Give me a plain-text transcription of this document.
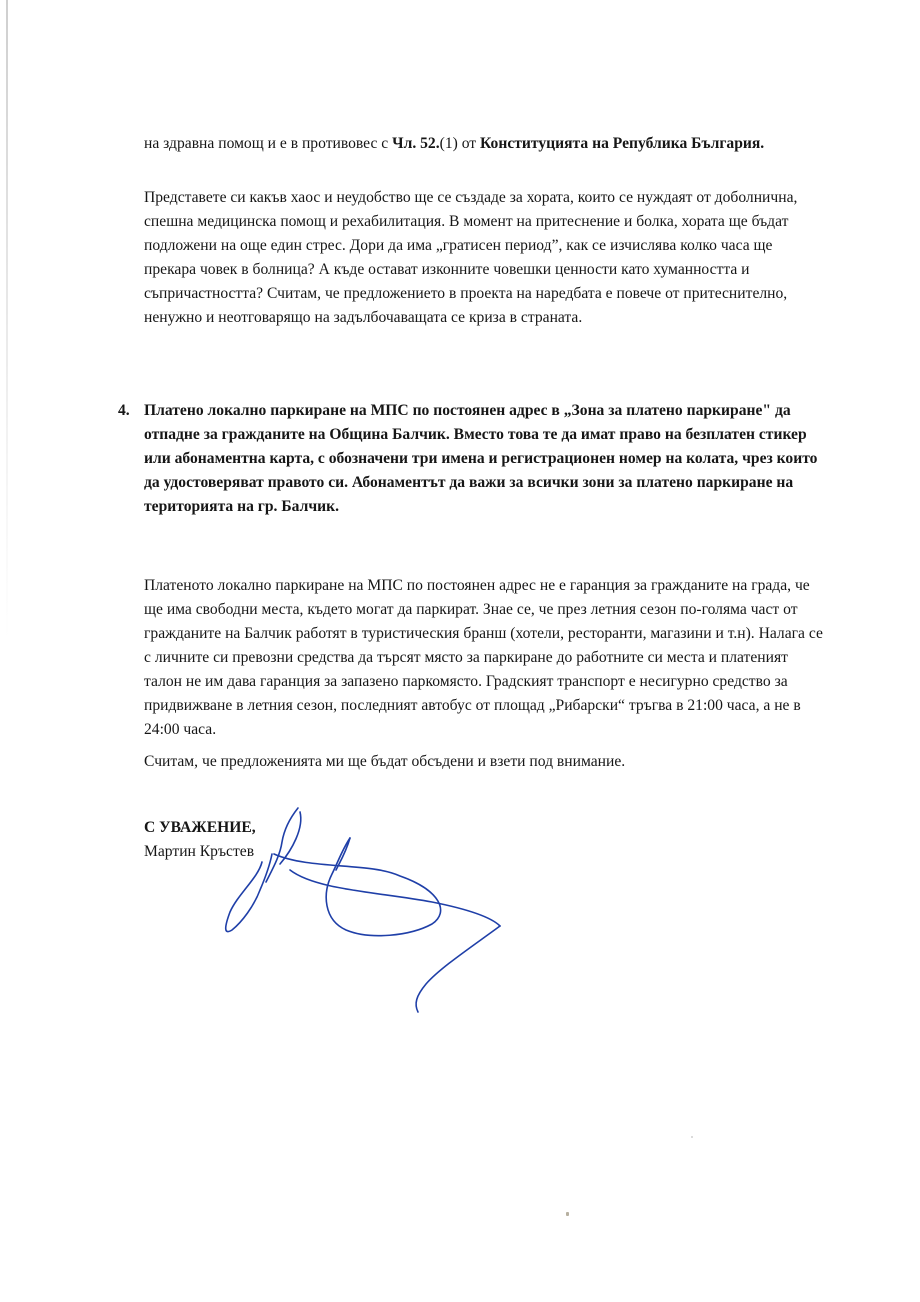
на здравна помощ и е в противовес с Чл. 52.(1) от Конституцията на Република България.
Представете си какъв хаос и неудобство ще се създаде за хората, които се нуждаят от доболнична, спешна медицинска помощ и рехабилитация. В момент на притеснение и болка, хората ще бъдат подложени на още един стрес. Дори да има „гратисен период”, как се изчислява колко часа ще прекара човек в болница? А къде остават изконните човешки ценности като хуманността и съпричастността? Считам, че предложението в проекта на наредбата е повече от притеснително, ненужно и неотговарящо на задълбочаващата се криза в страната.
4. Платено локално паркиране на МПС по постоянен адрес в „Зона за платено паркиране" да отпадне за гражданите на Община Балчик. Вместо това те да имат право на безплатен стикер или абонаментна карта, с обозначени три имена и регистрационен номер на колата, чрез които да удостоверяват правото си. Абонаментът да важи за всички зони за платено паркиране на територията на гр. Балчик.
Платеното локално паркиране на МПС по постоянен адрес не е гаранция за гражданите на града, че ще има свободни места, където могат да паркират. Знае се, че през летния сезон по-голяма част от гражданите на Балчик работят в туристическия бранш (хотели, ресторанти, магазини и т.н). Налага се с личните си превозни средства да търсят място за паркиране до работните си места и платеният талон не им дава гаранция за запазено паркомясто. Градският транспорт е несигурно средство за придвижване в летния сезон, последният автобус от площад „Рибарски“ тръгва в 21:00 часа, а не в 24:00 часа.
Считам, че предложенията ми ще бъдат обсъдени и взети под внимание.
С УВАЖЕНИЕ,
Мартин Кръстев
